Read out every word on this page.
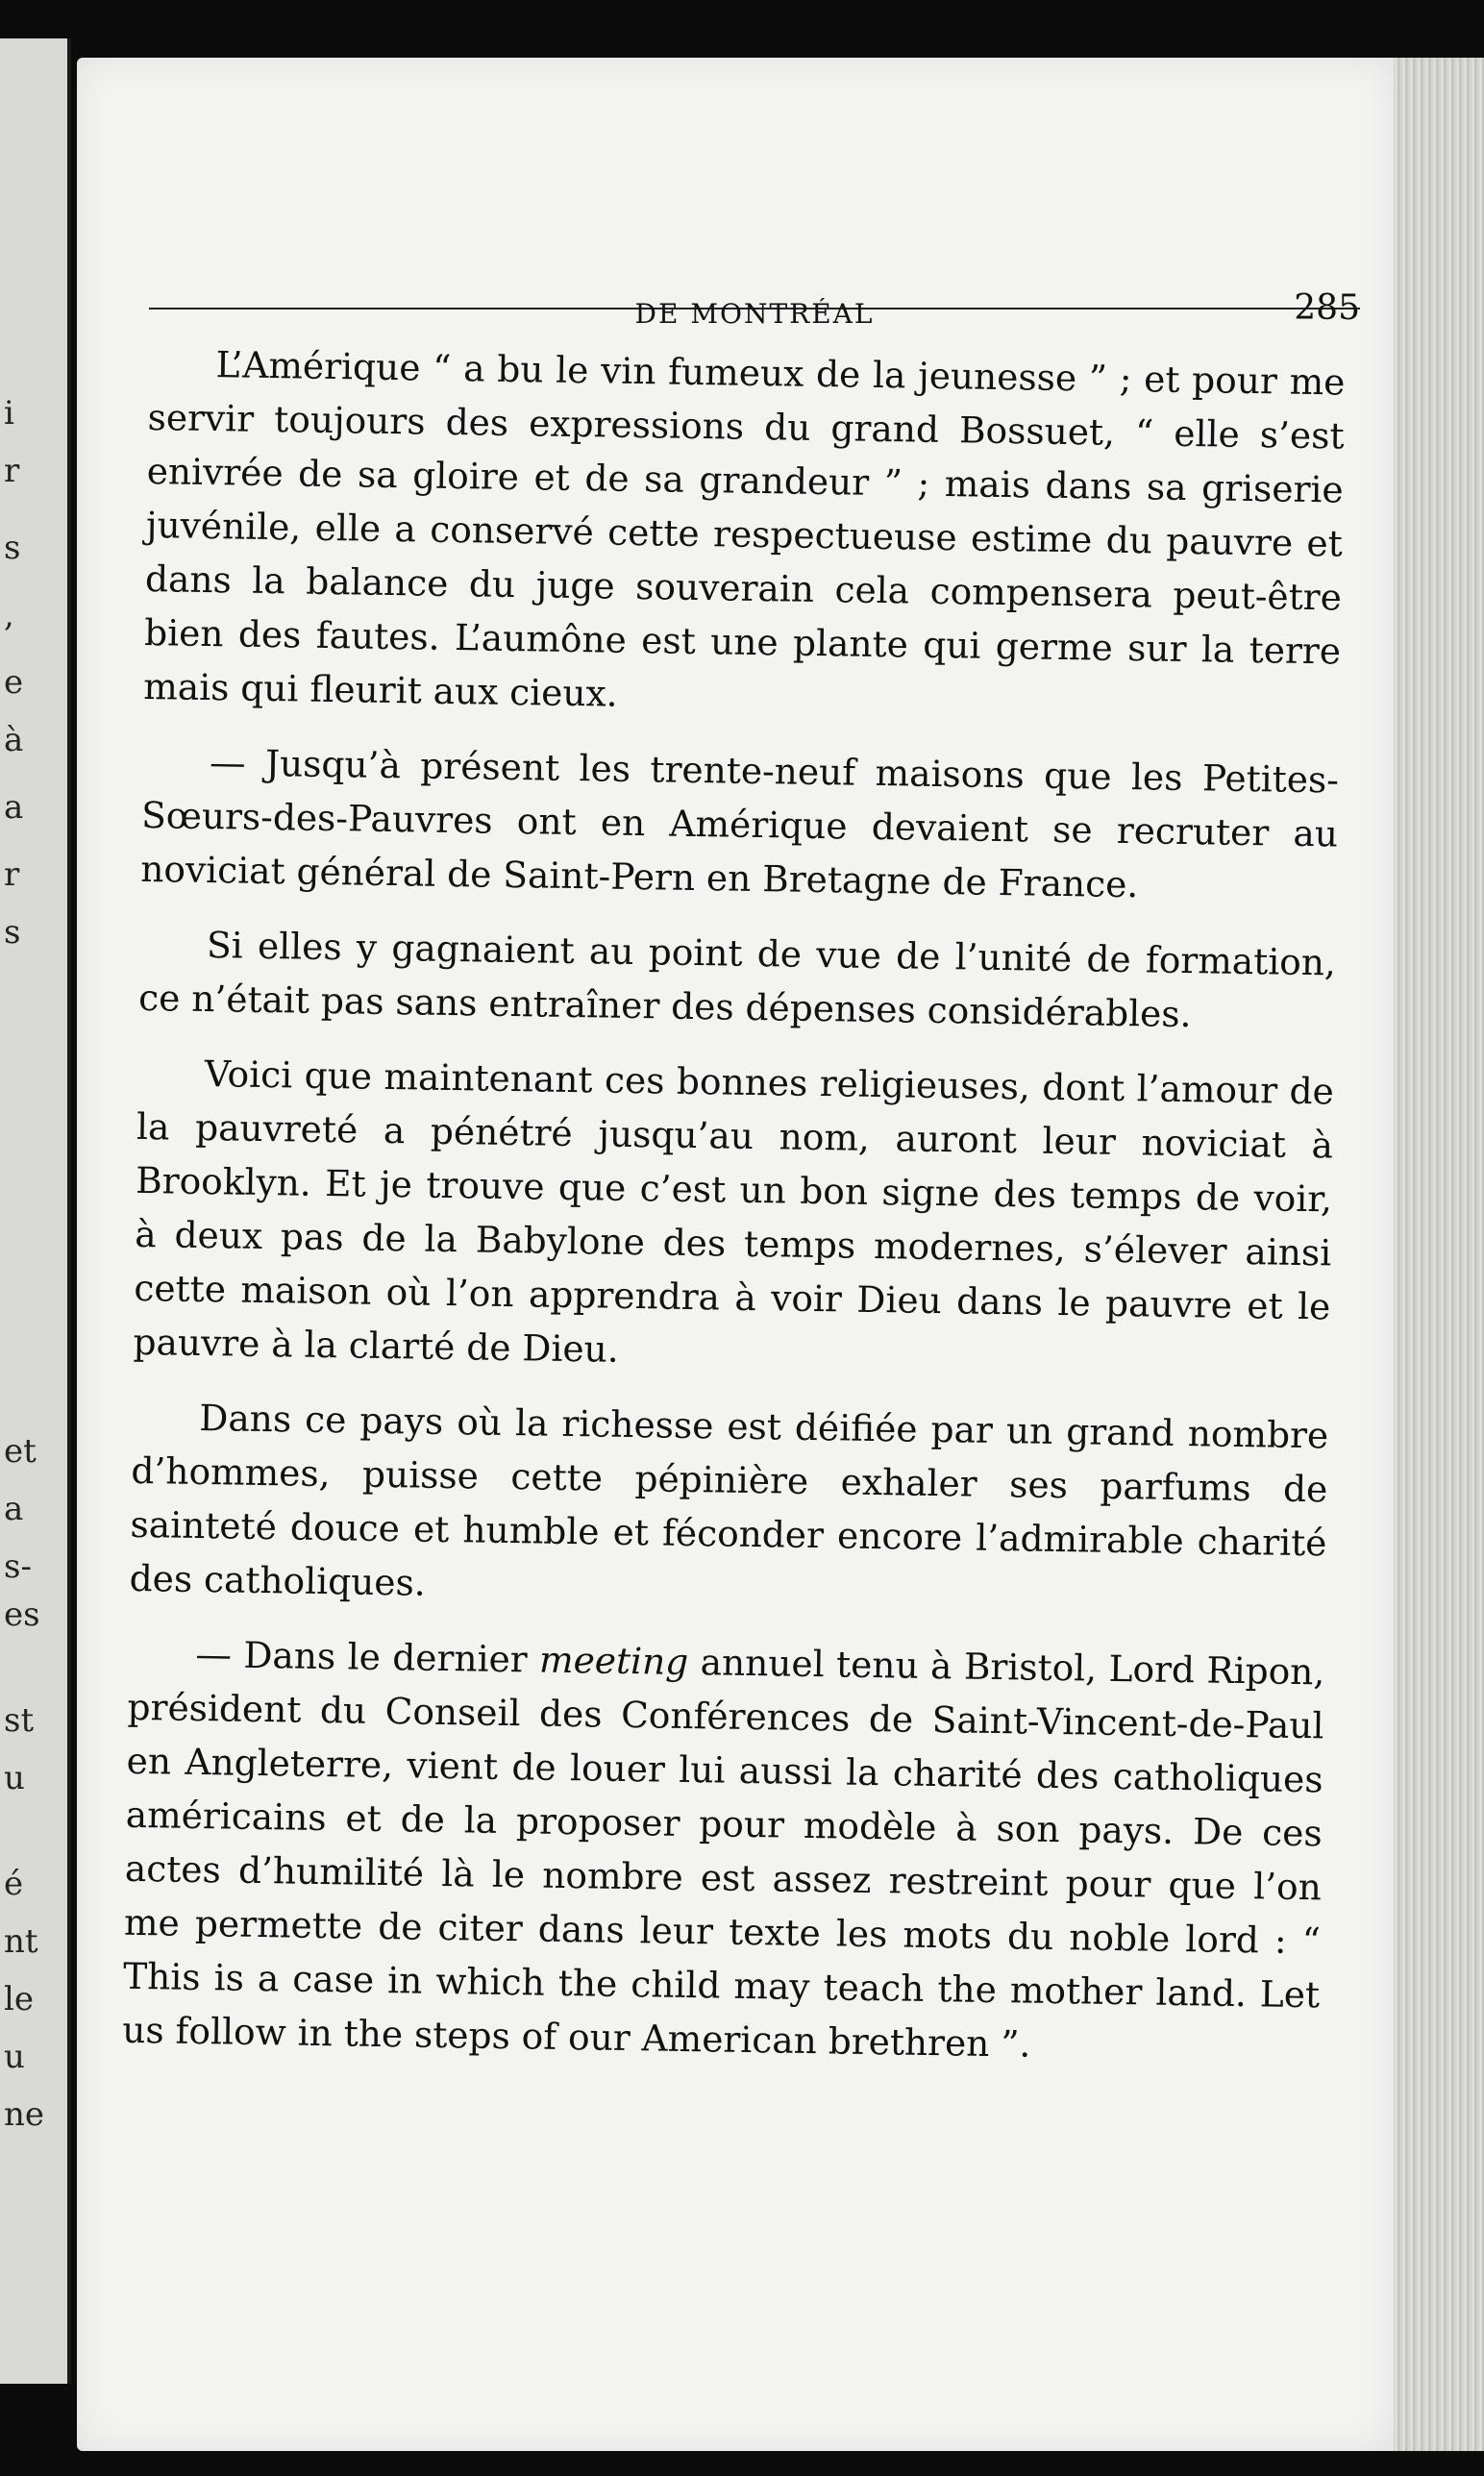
i
r
s
,
e
à
a
r
s
et
a
s-
es
st
u
é
nt
le
u
ne
DE MONTRÉAL	285

L’Amérique “ a bu le vin fumeux de la jeunesse ” ; et pour me servir toujours des expressions du grand Bossuet, “ elle s’est enivrée de sa gloire et de sa grandeur ” ; mais dans sa griserie juvénile, elle a conservé cette respectueuse estime du pauvre et dans la balance du juge souverain cela compensera peut-être bien des fautes. L’aumône est une plante qui germe sur la terre mais qui fleurit aux cieux.

— Jusqu’à présent les trente-neuf maisons que les Petites-Sœurs-des-Pauvres ont en Amérique devaient se recruter au noviciat général de Saint-Pern en Bretagne de France.

Si elles y gagnaient au point de vue de l’unité de formation, ce n’était pas sans entraîner des dépenses considérables.

Voici que maintenant ces bonnes religieuses, dont l’amour de la pauvreté a pénétré jusqu’au nom, auront leur noviciat à Brooklyn. Et je trouve que c’est un bon signe des temps de voir, à deux pas de la Babylone des temps modernes, s’élever ainsi cette maison où l’on apprendra à voir Dieu dans le pauvre et le pauvre à la clarté de Dieu.

Dans ce pays où la richesse est déifiée par un grand nombre d’hommes, puisse cette pépinière exhaler ses parfums de sainteté douce et humble et féconder encore l’admirable charité des catholiques.

— Dans le dernier meeting annuel tenu à Bristol, Lord Ripon, président du Conseil des Conférences de Saint-Vincent-de-Paul en Angleterre, vient de louer lui aussi la charité des catholiques américains et de la proposer pour modèle à son pays. De ces actes d’humilité là le nombre est assez restreint pour que l’on me permette de citer dans leur texte les mots du noble lord : “ This is a case in which the child may teach the mother land. Let us follow in the steps of our American brethren ”.
